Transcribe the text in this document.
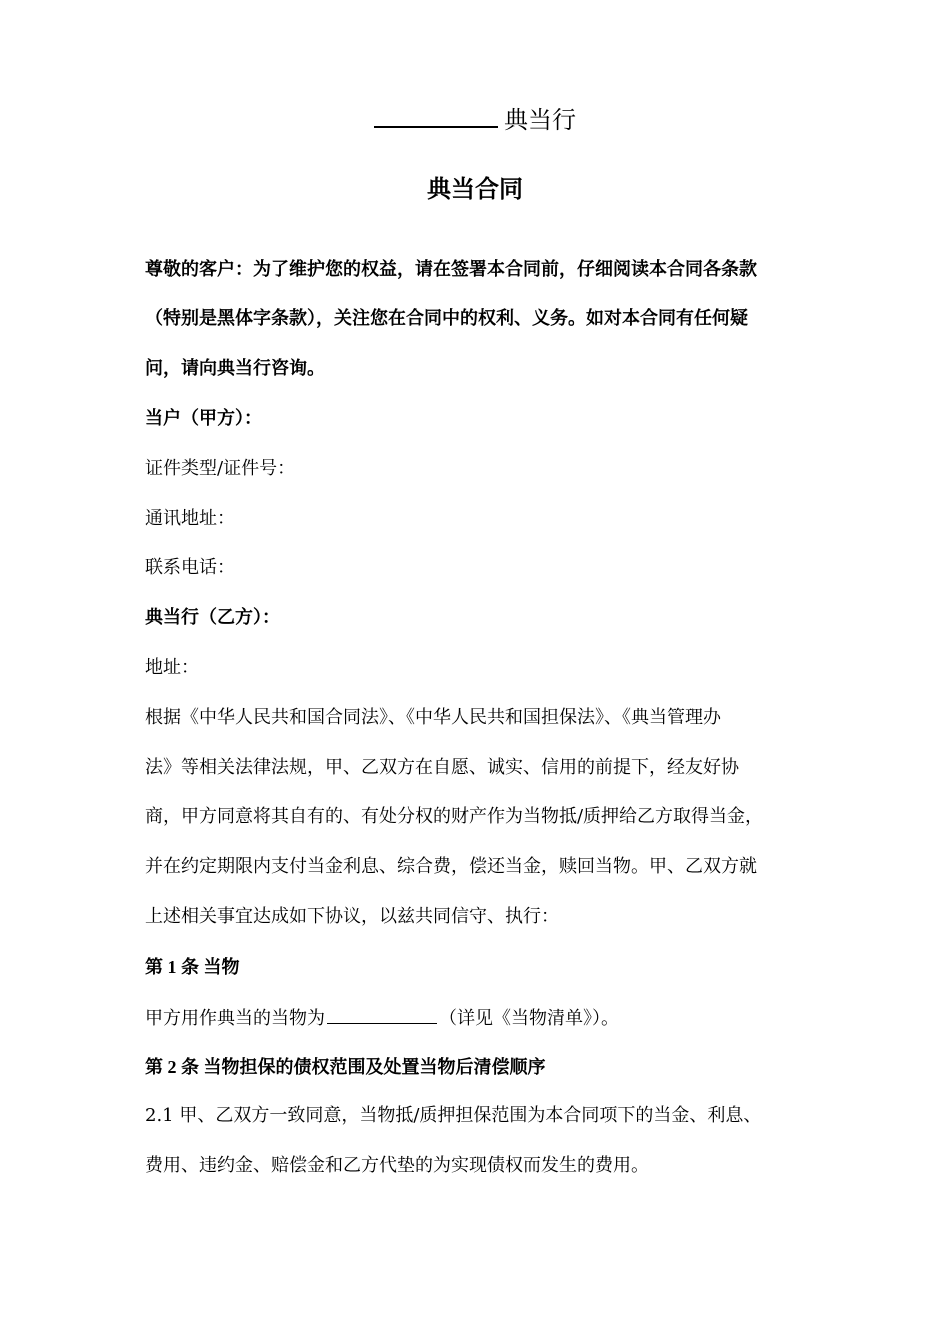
典当行
典当合同
尊敬的客户：为了维护您的权益，请在签署本合同前，仔细阅读本合同各条款
（特别是黑体字条款），关注您在合同中的权利、义务。如对本合同有任何疑
问，请向典当行咨询。
当户（甲方）：
证件类型/证件号：
通讯地址：
联系电话：
典当行（乙方）：
地址：
根据《中华人民共和国合同法》、《中华人民共和国担保法》、《典当管理办
法》等相关法律法规，甲、乙双方在自愿、诚实、信用的前提下，经友好协
商，甲方同意将其自有的、有处分权的财产作为当物抵/质押给乙方取得当金，
并在约定期限内支付当金利息、综合费，偿还当金，赎回当物。甲、乙双方就
上述相关事宜达成如下协议，以兹共同信守、执行：
第 1 条 当物
甲方用作典当的当物为	（详见《当物清单》）。
第 2 条 当物担保的债权范围及处置当物后清偿顺序
2.1 甲、乙双方一致同意，当物抵/质押担保范围为本合同项下的当金、利息、
费用、违约金、赔偿金和乙方代垫的为实现债权而发生的费用。
